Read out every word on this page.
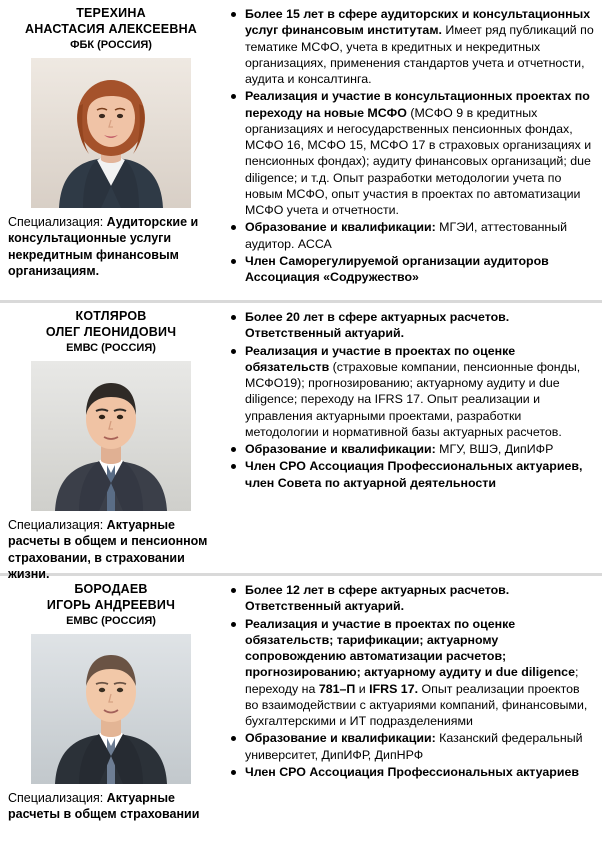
ТЕРЕХИНА
АНАСТАСИЯ АЛЕКСЕЕВНА
ФБК (РОССИЯ)
Специализация: Аудиторские и консультационные услуги некредитным финансовым организациям.
Более 15 лет в сфере аудиторских и консультационных услуг финансовым институтам. Имеет ряд публикаций по тематике МСФО, учета в кредитных и некредитных организациях, применения стандартов учета и отчетности, аудита и консалтинга.
Реализация и участие в консультационных проектах по переходу на новые МСФО (МСФО 9 в кредитных организациях и негосударственных пенсионных фондах, МСФО 16, МСФО 15, МСФО 17 в страховых организациях и пенсионных фондах); аудиту финансовых организаций; due diligence; и т.д. Опыт разработки методологии учета по новым МСФО, опыт участия в проектах по автоматизации МСФО учета и отчетности.
Образование и квалификации: МГЭИ, аттестованный аудитор. АССА
Член Саморегулируемой организации аудиторов Ассоциация «Содружество»
КОТЛЯРОВ
ОЛЕГ ЛЕОНИДОВИЧ
ЕМВС (РОССИЯ)
Специализация: Актуарные расчеты в общем и пенсионном страховании, в страховании жизни.
Более 20 лет в сфере актуарных расчетов. Ответственный актуарий.
Реализация и участие в проектах по оценке обязательств (страховые компании, пенсионные фонды, МСФО19); прогнозированию; актуарному аудиту и due diligence; переходу на IFRS 17. Опыт реализации и управления актуарными проектами, разработки методологии и нормативной базы актуарных расчетов.
Образование и квалификации: МГУ, ВШЭ, ДипИФР
Член СРО Ассоциация Профессиональных актуариев, член Совета по актуарной деятельности
БОРОДАЕВ
ИГОРЬ АНДРЕЕВИЧ
ЕМВС (РОССИЯ)
Специализация: Актуарные расчеты в общем страховании
Более 12 лет в сфере актуарных расчетов. Ответственный актуарий.
Реализация и участие в проектах по оценке обязательств; тарификации; актуарному сопровождению автоматизации расчетов; прогнозированию; актуарному аудиту и due diligence; переходу на 781–П и IFRS 17. Опыт реализации проектов во взаимодействии с актуариями компаний, финансовыми, бухгалтерскими и ИТ подразделениями
Образование и квалификации: Казанский федеральный университет, ДипИФР, ДипНРФ
Член СРО Ассоциация Профессиональных актуариев
